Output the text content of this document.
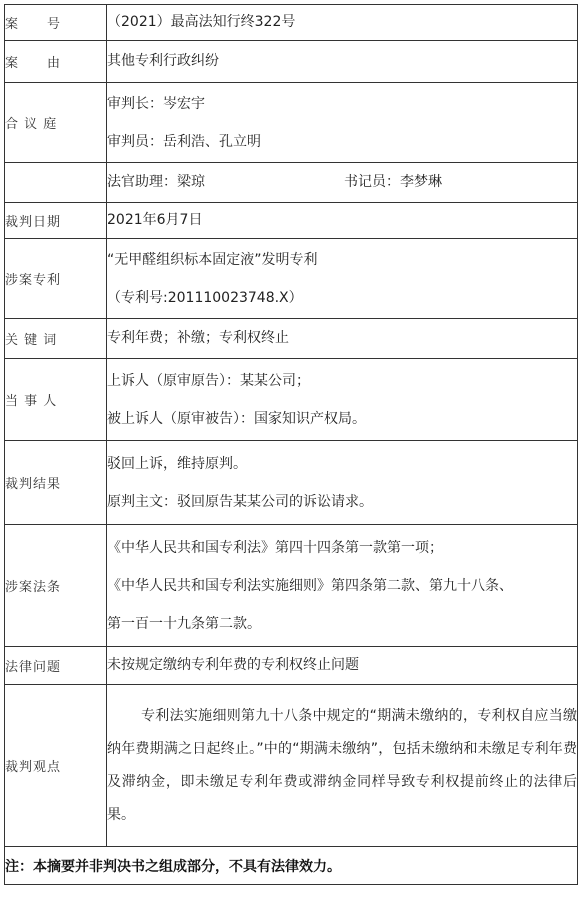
案　　号	（2021）最高法知行终322号
案　　由	其他专利行政纠纷
合 议 庭	审判长：岑宏宇
审判员：岳利浩、孔立明

	法官助理：梁琼 书记员：李梦琳

裁判日期	2021年6月7日
涉案专利	“无甲醛组织标本固定液”发明专利
（专利号:201110023748.X）

关 键 词	专利年费；补缴；专利权终止
当 事 人	上诉人（原审原告）：某某公司；
被上诉人（原审被告）：国家知识产权局。

裁判结果	驳回上诉，维持原判。
原判主文：驳回原告某某公司的诉讼请求。

涉案法条	《中华人民共和国专利法》第四十四条第一款第一项；
《中华人民共和国专利法实施细则》第四条第二款、第九十八条、
第一百一十九条第二款。

法律问题	未按规定缴纳专利年费的专利权终止问题
裁判观点	专利法实施细则第九十八条中规定的“期满未缴纳的，专利权自应当缴纳年费期满之日起终止。”中的“期满未缴纳”，包括未缴纳和未缴足专利年费及滞纳金，即未缴足专利年费或滞纳金同样导致专利权提前终止的法律后果。

注：本摘要并非判决书之组成部分，不具有法律效力。	
